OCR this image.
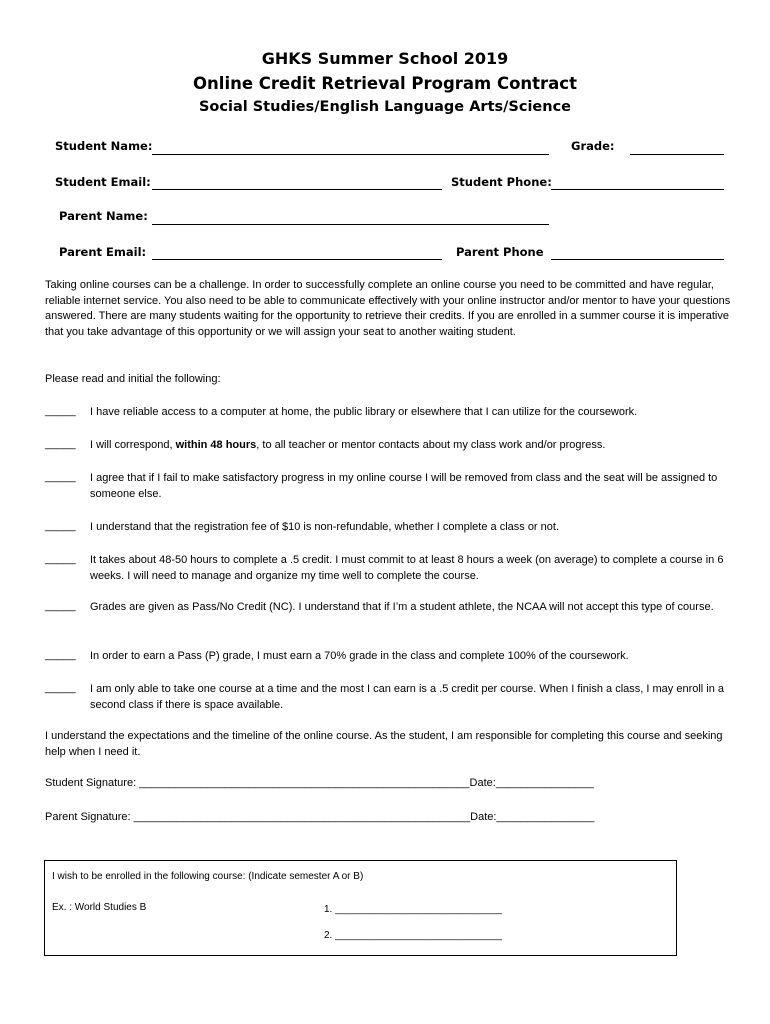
GHKS Summer School 2019
Online Credit Retrieval Program Contract
Social Studies/English Language Arts/Science
Student Name:	Grade:
Student Email:	Student Phone:
Parent Name:
Parent Email:	Parent Phone

Taking online courses can be a challenge. In order to successfully complete an online course you need to be committed and have regular, reliable internet service. You also need to be able to communicate effectively with your online instructor and/or mentor to have your questions answered. There are many students waiting for the opportunity to retrieve their credits. If you are enrolled in a summer course it is imperative that you take advantage of this opportunity or we will assign your seat to another waiting student.

Please read and initial the following:

_____ I have reliable access to a computer at home, the public library or elsewhere that I can utilize for the coursework.

_____ I will correspond, within 48 hours, to all teacher or mentor contacts about my class work and/or progress.

_____ I agree that if I fail to make satisfactory progress in my online course I will be removed from class and the seat will be assigned to someone else.

_____ I understand that the registration fee of $10 is non-refundable, whether I complete a class or not.

_____ It takes about 48-50 hours to complete a .5 credit. I must commit to at least 8 hours a week (on average) to complete a course in 6 weeks. I will need to manage and organize my time well to complete the course.

_____ Grades are given as Pass/No Credit (NC). I understand that if I’m a student athlete, the NCAA will not accept this type of course.

_____ In order to earn a Pass (P) grade, I must earn a 70% grade in the class and complete 100% of the coursework.

_____ I am only able to take one course at a time and the most I can earn is a .5 credit per course. When I finish a class, I may enroll in a second class if there is space available.

I understand the expectations and the timeline of the online course. As the student, I am responsible for completing this course and seeking help when I need it.

Student Signature: ______________________________________________________Date:________________
Parent Signature: _______________________________________________________Date:________________
I wish to be enrolled in the following course: (Indicate semester A or B)
Ex. : World Studies B	1. ______________________________
2. ______________________________
